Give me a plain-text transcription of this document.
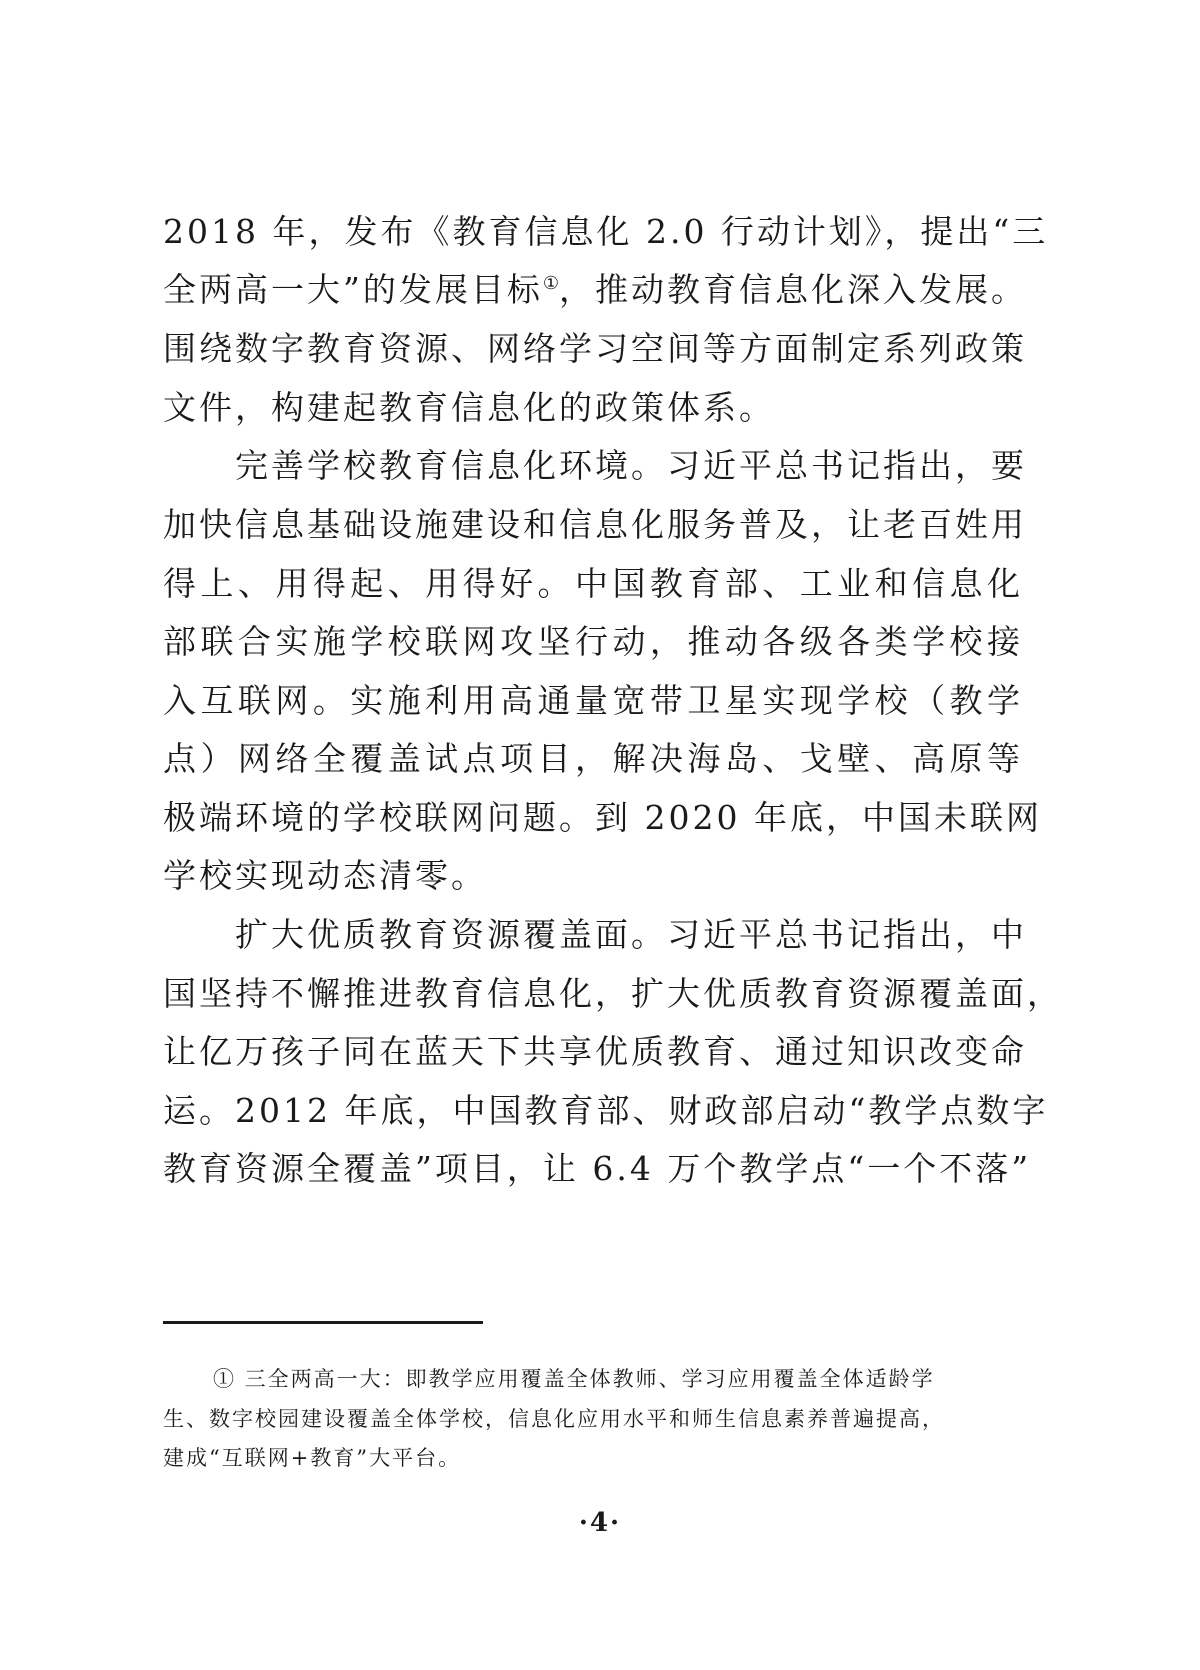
2018 年，发布《教育信息化 2.0 行动计划》，提出“三
全两高一大”的发展目标①，推动教育信息化深入发展。
围绕数字教育资源、网络学习空间等方面制定系列政策
文件，构建起教育信息化的政策体系。
完善学校教育信息化环境。习近平总书记指出，要
加快信息基础设施建设和信息化服务普及，让老百姓用
得上、用得起、用得好。中国教育部、工业和信息化
部联合实施学校联网攻坚行动，推动各级各类学校接
入互联网。实施利用高通量宽带卫星实现学校（教学
点）网络全覆盖试点项目，解决海岛、戈壁、高原等
极端环境的学校联网问题。到 2020 年底，中国未联网
学校实现动态清零。
扩大优质教育资源覆盖面。习近平总书记指出，中
国坚持不懈推进教育信息化，扩大优质教育资源覆盖面，
让亿万孩子同在蓝天下共享优质教育、通过知识改变命
运。2012 年底，中国教育部、财政部启动“教学点数字
教育资源全覆盖”项目，让 6.4 万个教学点“一个不落”
① 三全两高一大：即教学应用覆盖全体教师、学习应用覆盖全体适龄学
生、数字校园建设覆盖全体学校，信息化应用水平和师生信息素养普遍提高，
建成“互联网+教育”大平台。
·4·
